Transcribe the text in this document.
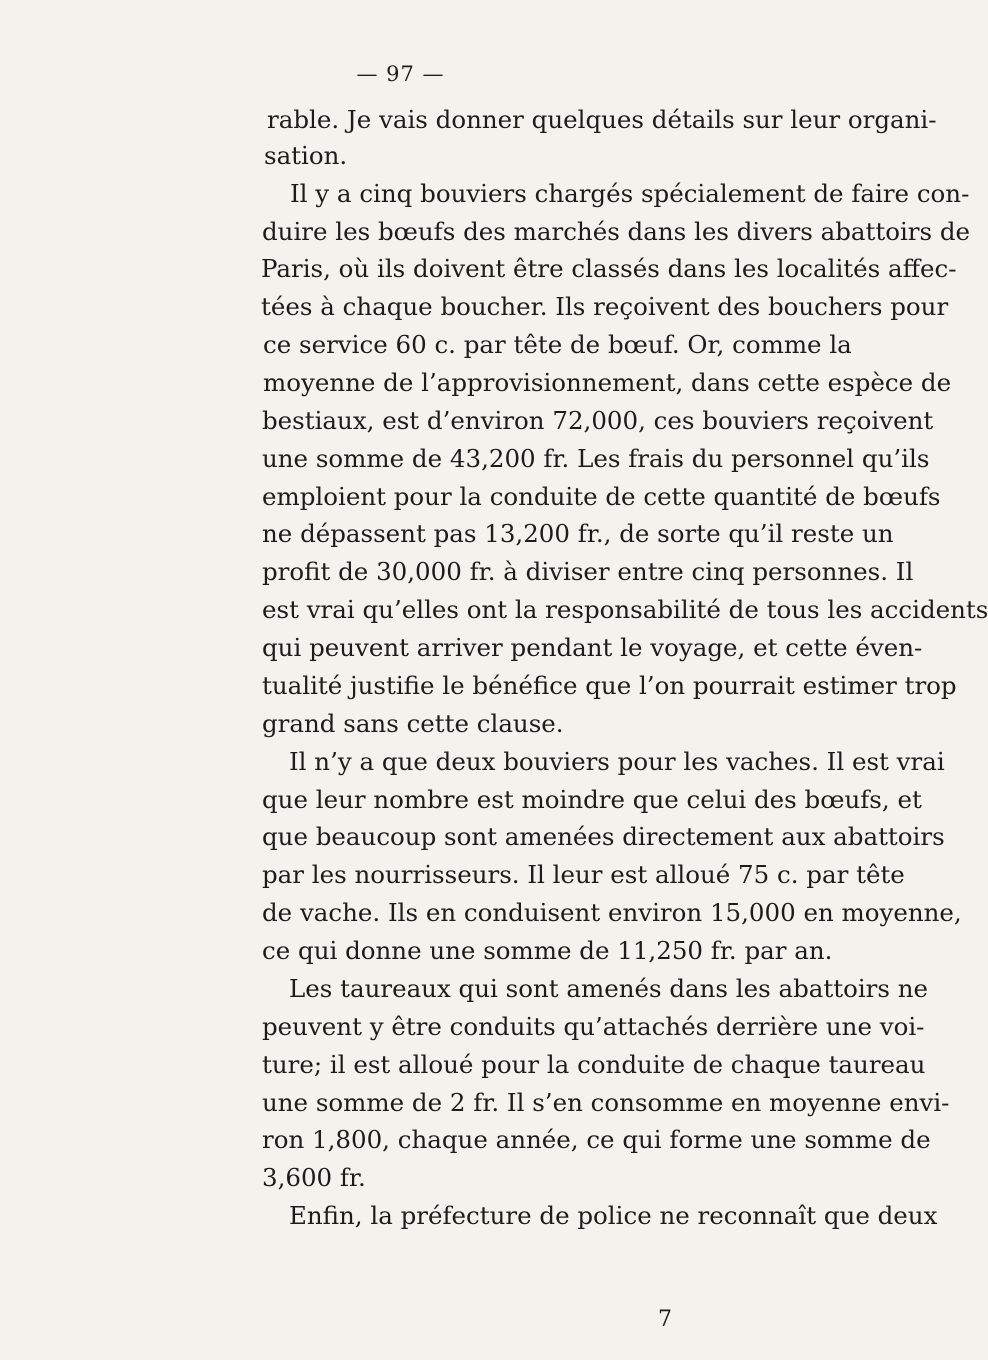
— 97 —
rable. Je vais donner quelques détails sur leur organi-
sation.
Il y a cinq bouviers chargés spécialement de faire con-
duire les bœufs des marchés dans les divers abattoirs de
Paris, où ils doivent être classés dans les localités affec-
tées à chaque boucher. Ils reçoivent des bouchers pour
ce service 60 c. par tête de bœuf. Or, comme la
moyenne de l’approvisionnement, dans cette espèce de
bestiaux, est d’environ 72,000, ces bouviers reçoivent
une somme de 43,200 fr. Les frais du personnel qu’ils
emploient pour la conduite de cette quantité de bœufs
ne dépassent pas 13,200 fr., de sorte qu’il reste un
profit de 30,000 fr. à diviser entre cinq personnes. Il
est vrai qu’elles ont la responsabilité de tous les accidents
qui peuvent arriver pendant le voyage, et cette éven-
tualité justifie le bénéfice que l’on pourrait estimer trop
grand sans cette clause.
Il n’y a que deux bouviers pour les vaches. Il est vrai
que leur nombre est moindre que celui des bœufs, et
que beaucoup sont amenées directement aux abattoirs
par les nourrisseurs. Il leur est alloué 75 c. par tête
de vache. Ils en conduisent environ 15,000 en moyenne,
ce qui donne une somme de 11,250 fr. par an.
Les taureaux qui sont amenés dans les abattoirs ne
peuvent y être conduits qu’attachés derrière une voi-
ture; il est alloué pour la conduite de chaque taureau
une somme de 2 fr. Il s’en consomme en moyenne envi-
ron 1,800, chaque année, ce qui forme une somme de
3,600 fr.
Enfin, la préfecture de police ne reconnaît que deux
7
